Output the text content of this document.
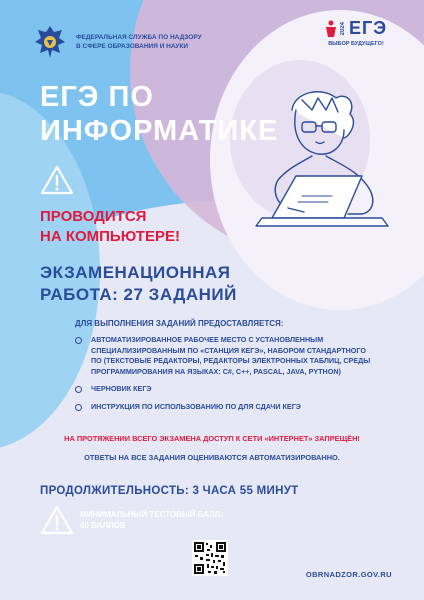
ФЕДЕРАЛЬНАЯ СЛУЖБА ПО НАДЗОРУ
В СФЕРЕ ОБРАЗОВАНИЯ И НАУКИ
2024 ЕГЭ
ВЫБОР БУДУЩЕГО!
ЕГЭ ПО
ИНФОРМАТИКЕ
ПРОВОДИТСЯ
НА КОМПЬЮТЕРЕ!
ЭКЗАМЕНАЦИОННАЯ
РАБОТА: 27 ЗАДАНИЙ
ДЛЯ ВЫПОЛНЕНИЯ ЗАДАНИЙ ПРЕДОСТАВЛЯЕТСЯ:
АВТОМАТИЗИРОВАННОЕ РАБОЧЕЕ МЕСТО С УСТАНОВЛЕННЫМ СПЕЦИАЛИЗИРОВАННЫМ ПО «СТАНЦИЯ КЕГЭ», НАБОРОМ СТАНДАРТНОГО ПО (ТЕКСТОВЫЕ РЕДАКТОРЫ, РЕДАКТОРЫ ЭЛЕКТРОННЫХ ТАБЛИЦ, СРЕДЫ ПРОГРАММИРОВАНИЯ НА ЯЗЫКАХ: C#, C++, PASCAL, JAVA, PYTHON)
ЧЕРНОВИК КЕГЭ
ИНСТРУКЦИЯ ПО ИСПОЛЬЗОВАНИЮ ПО ДЛЯ СДАЧИ КЕГЭ
НА ПРОТЯЖЕНИИ ВСЕГО ЭКЗАМЕНА ДОСТУП К СЕТИ «ИНТЕРНЕТ» ЗАПРЕЩЁН!
ОТВЕТЫ НА ВСЕ ЗАДАНИЯ ОЦЕНИВАЮТСЯ АВТОМАТИЗИРОВАННО.
ПРОДОЛЖИТЕЛЬНОСТЬ: 3 ЧАСА 55 МИНУТ
МИНИМАЛЬНЫЙ ТЕСТОВЫЙ БАЛЛ:
40 БАЛЛОВ
OBRNADZOR.GOV.RU
